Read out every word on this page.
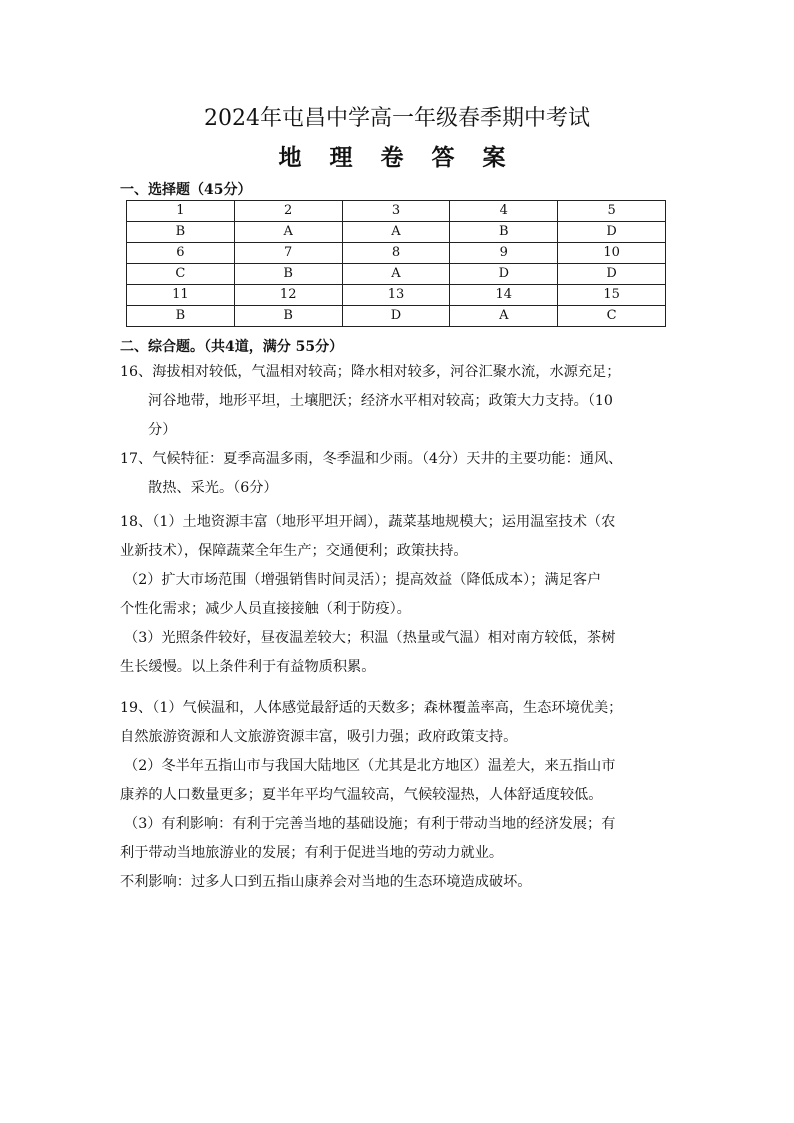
2024年屯昌中学高一年级春季期中考试
地 理 卷 答 案
一、选择题（45分）
1	2	3	4	5
B	A	A	B	D
6	7	8	9	10
C	B	A	D	D
11	12	13	14	15
B	B	D	A	C
二、综合题。（共4道，满分 55分）
16、海拔相对较低，气温相对较高；降水相对较多，河谷汇聚水流，水源充足；
河谷地带，地形平坦，土壤肥沃；经济水平相对较高；政策大力支持。（10
分）
17、气候特征：夏季高温多雨，冬季温和少雨。（4分）天井的主要功能：通风、
散热、采光。（6分）
18、（1）土地资源丰富（地形平坦开阔），蔬菜基地规模大；运用温室技术（农
业新技术），保障蔬菜全年生产；交通便利；政策扶持。
（2）扩大市场范围（增强销售时间灵活）；提高效益（降低成本）；满足客户
个性化需求；减少人员直接接触（利于防疫）。
（3）光照条件较好，昼夜温差较大；积温（热量或气温）相对南方较低，茶树
生长缓慢。以上条件利于有益物质积累。
19、（1）气候温和，人体感觉最舒适的天数多；森林覆盖率高，生态环境优美；
自然旅游资源和人文旅游资源丰富，吸引力强；政府政策支持。
（2）冬半年五指山市与我国大陆地区（尤其是北方地区）温差大，来五指山市
康养的人口数量更多；夏半年平均气温较高，气候较湿热，人体舒适度较低。
（3）有利影响：有利于完善当地的基础设施；有利于带动当地的经济发展；有
利于带动当地旅游业的发展；有利于促进当地的劳动力就业。
不利影响：过多人口到五指山康养会对当地的生态环境造成破坏。
